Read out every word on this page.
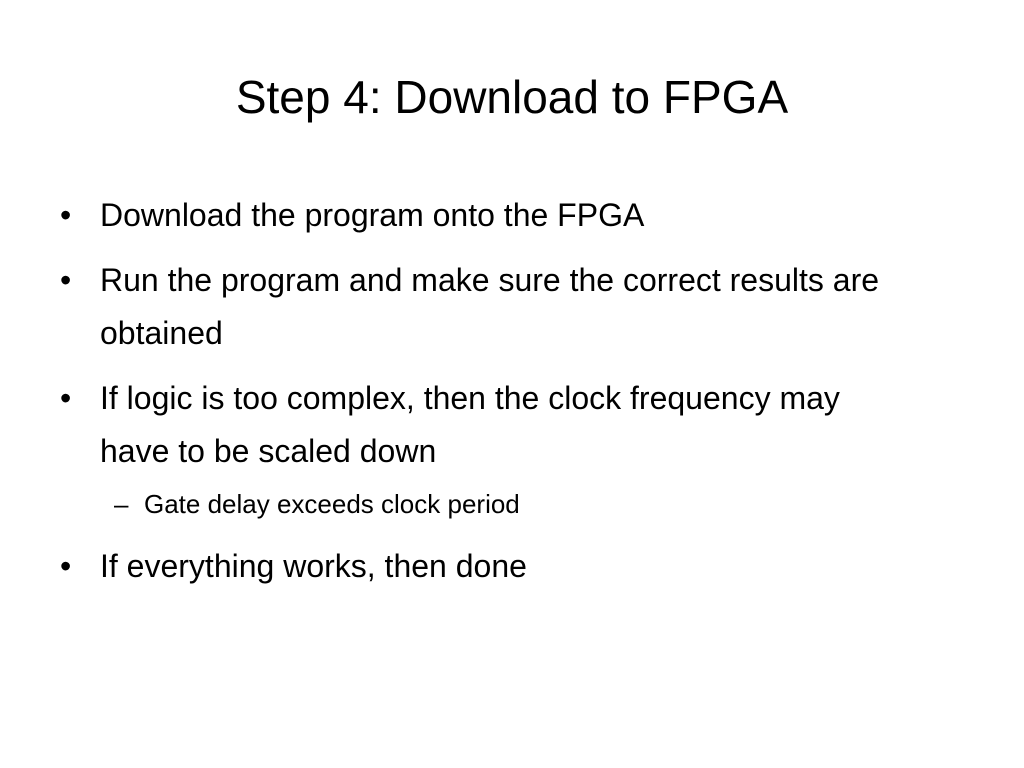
Step 4: Download to FPGA
• Download the program onto the FPGA
• Run the program and make sure the correct results are obtained
• If logic is too complex, then the clock frequency may have to be scaled down
– Gate delay exceeds clock period
• If everything works, then done
